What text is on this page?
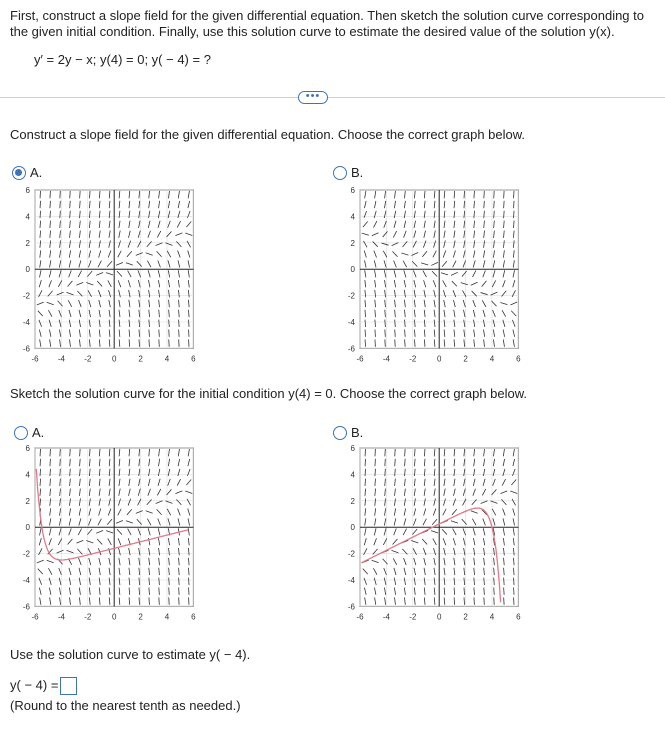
First, construct a slope field for the given differential equation. Then sketch the solution curve corresponding to the given initial condition. Finally, use this solution curve to estimate the desired value of the solution y(x).
y′ = 2y − x; y(4) = 0; y( − 4) = ?
•••
Construct a slope field for the given differential equation. Choose the correct graph below.
A.	B.
-6 -4 -2	0	2	4	6
6
4
2
0
-2
-4
-6
-6 -4 -2	0	2	4	6
6
4
2
0
-2
-4
-6
Sketch the solution curve for the initial condition y(4) = 0. Choose the correct graph below.
A.	B.
-6 -4 -2	0	2	4	6
6
4
2
0
-2
-4
-6
-6 -4 -2	0	2	4	6
6
4
2
0
-2
-4
-6
Use the solution curve to estimate y( − 4).
y( − 4) =
(Round to the nearest tenth as needed.)
